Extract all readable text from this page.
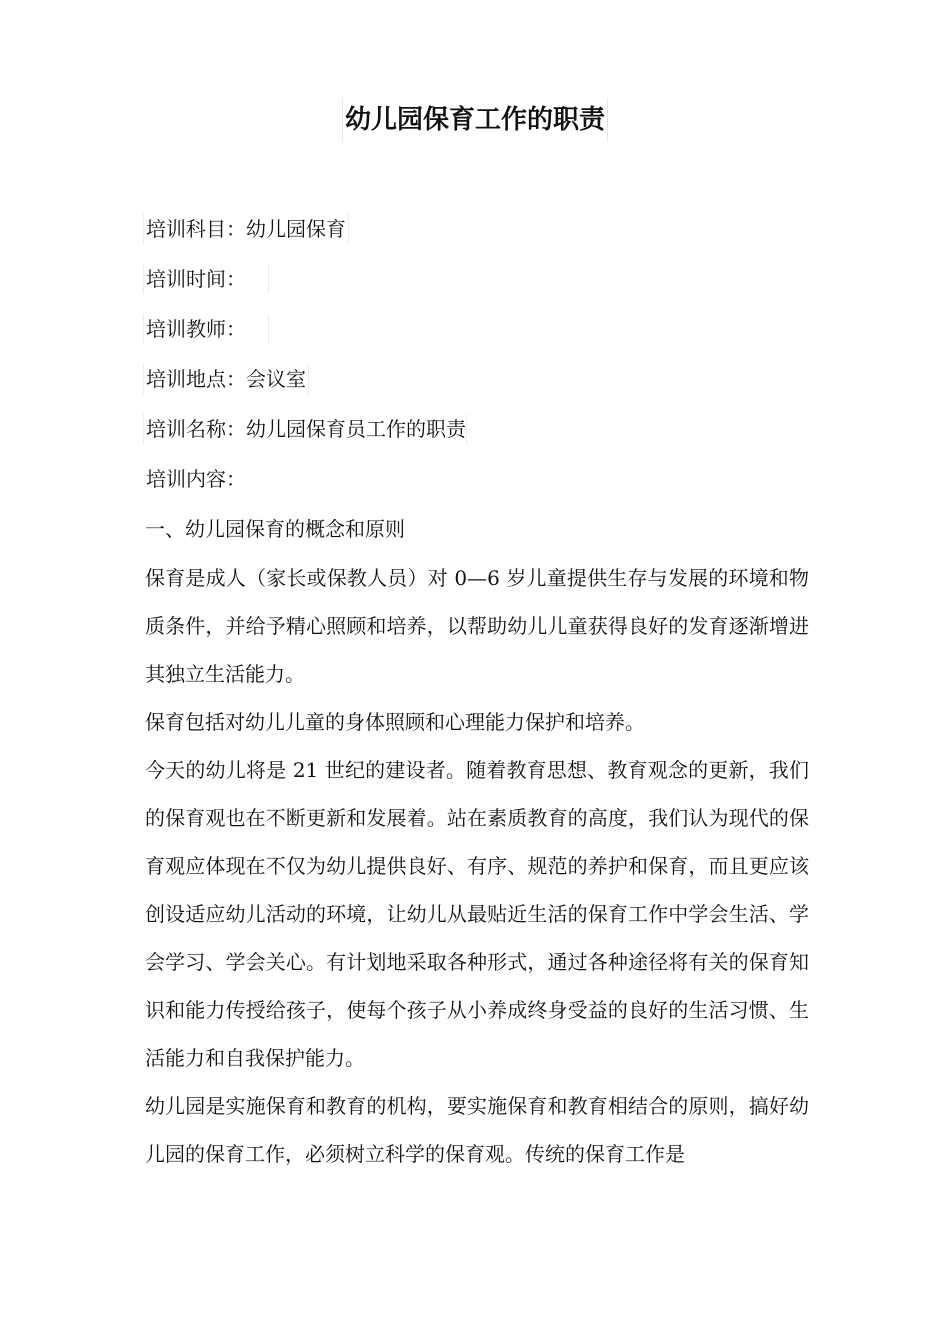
幼儿园保育工作的职责
培训科目：幼儿园保育
培训时间：
培训教师：
培训地点：会议室
培训名称：幼儿园保育员工作的职责
培训内容：

一、幼儿园保育的概念和原则

保育是成人（家长或保教人员）对 0—6 岁儿童提供生存与发展的环境和物质条件，并给予精心照顾和培养，以帮助幼儿儿童获得良好的发育逐渐增进其独立生活能力。

保育包括对幼儿儿童的身体照顾和心理能力保护和培养。

今天的幼儿将是 21 世纪的建设者。随着教育思想、教育观念的更新，我们的保育观也在不断更新和发展着。站在素质教育的高度，我们认为现代的保育观应体现在不仅为幼儿提供良好、有序、规范的养护和保育，而且更应该创设适应幼儿活动的环境，让幼儿从最贴近生活的保育工作中学会生活、学会学习、学会关心。有计划地采取各种形式，通过各种途径将有关的保育知识和能力传授给孩子，使每个孩子从小养成终身受益的良好的生活习惯、生活能力和自我保护能力。

幼儿园是实施保育和教育的机构，要实施保育和教育相结合的原则，搞好幼儿园的保育工作，必须树立科学的保育观。传统的保育工作是
